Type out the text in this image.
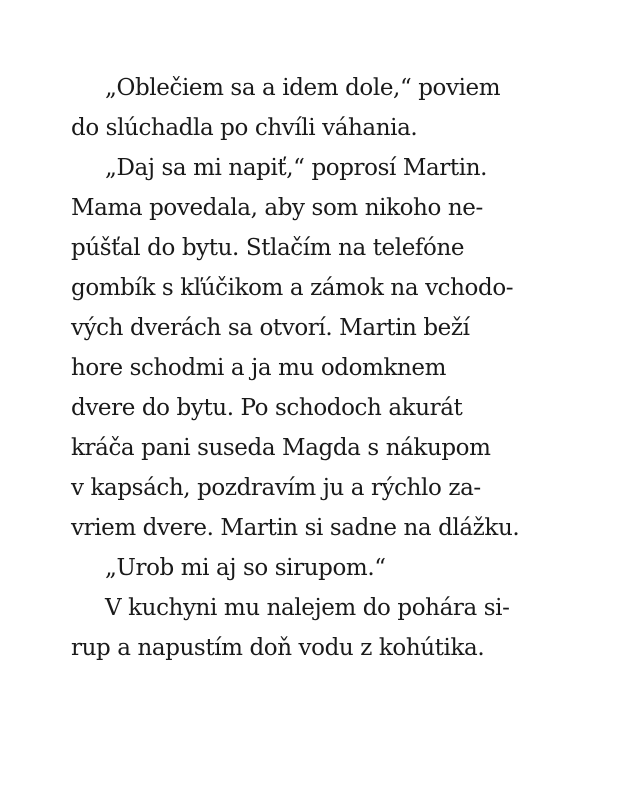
„Oblečiem sa a idem dole,“ poviem
do slúchadla po chvíli váhania.
„Daj sa mi napiť,“ poprosí Martin.
Mama povedala, aby som nikoho ne-
púšťal do bytu. Stlačím na telefóne
gombík s kľúčikom a zámok na vchodo-
vých dverách sa otvorí. Martin beží
hore schodmi a ja mu odomknem
dvere do bytu. Po schodoch akurát
kráča pani suseda Magda s nákupom
v kapsách, pozdravím ju a rýchlo za-
vriem dvere. Martin si sadne na dlážku.
„Urob mi aj so sirupom.“
V kuchyni mu nalejem do pohára si-
rup a napustím doň vodu z kohútika.
